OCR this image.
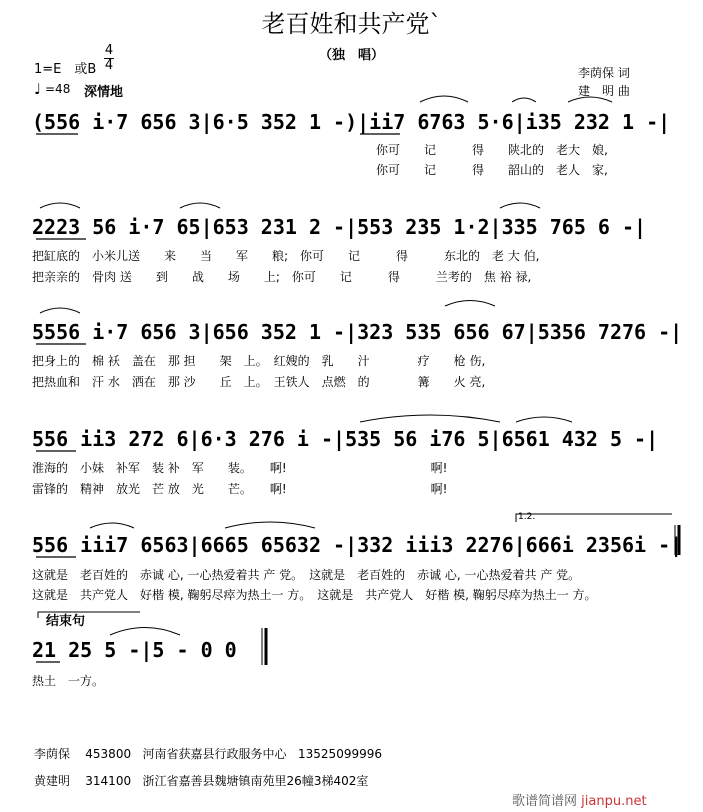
老百姓和共产党`
（独　唱）
李荫保 词
建　明 曲
1=E　或B
4
4
♩ =48 深情地
(556 i·7 656 3|6·5 352 1 -)|ii7 6763 5·6|i35 232 1 -|
你可　　记　　　得　　陕北的　老大　娘,
你可　　记　　　得　　韶山的　老人　家,
2223 56 i·7 65|653 231 2 -|553 235 1·2|335 765 6 -|
把缸底的　小米儿送　　来　　当　　军　　粮;　你可　　记　　　得　　　东北的　老 大 伯,
把亲亲的　骨肉 送　　到　　战　　场　　上;　你可　　记　　　得　　　兰考的　焦 裕 禄,
5556 i·7 656 3|656 352 1 -|323 535 656 67|5356 7276 -|
把身上的　棉 袄　盖在　那 担　　架　上。　红嫂的　乳　　汁　　　　疗　　枪 伤,
把热血和　汗 水　洒在　那 沙　　丘　上。　王铁人　点燃　的　　　　篝　　火 亮,
556 ii3 272 6|6·3 276 i -|535 56 i76 5|6561 432 5 -|
淮海的　小妹　补军　装 补　军　　装。　　啊!　　　　　　　　　　　　啊!
雷锋的　精神　放光　芒 放　光　　芒。　　啊!　　　　　　　　　　　　啊!
1.2.
556 iii7 6563|6665 65632 -|332 iii3 2276|666i 2356i -|
这就是　老百姓的　赤诚 心, 一心热爱着共 产 党。　这就是　老百姓的　赤诚 心, 一心热爱着共 产 党。
这就是　共产党人　好楷 模, 鞠躬尽瘁为热土一 方。　这就是　共产党人　好楷 模, 鞠躬尽瘁为热土一 方。
结束句
21 25 5 -|5 - 0 0
热土　一方。
李荫保 453800 河南省获嘉县行政服务中心 13525099996
黄建明 314100 浙江省嘉善县魏塘镇南苑里26幢3梯402室
歌谱简谱网 jianpu.net
